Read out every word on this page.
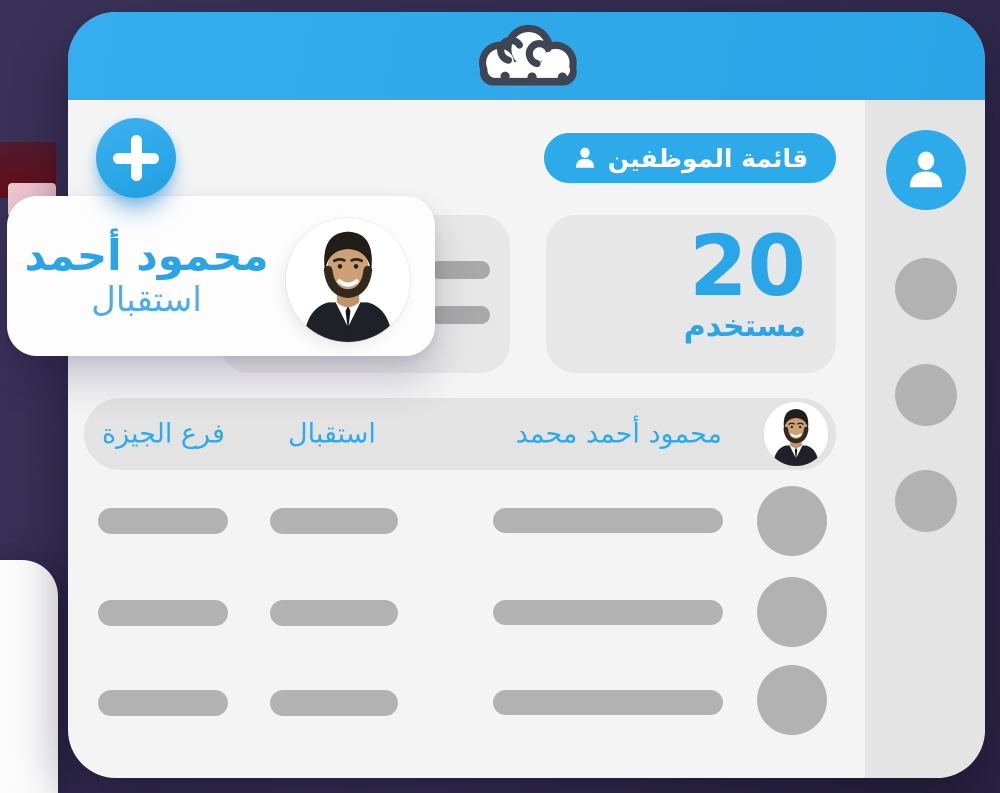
قائمة الموظفين
20
مستخدم
فرع الجيزة استقبال	محمود أحمد محمد
محمود أحمد
استقبال
